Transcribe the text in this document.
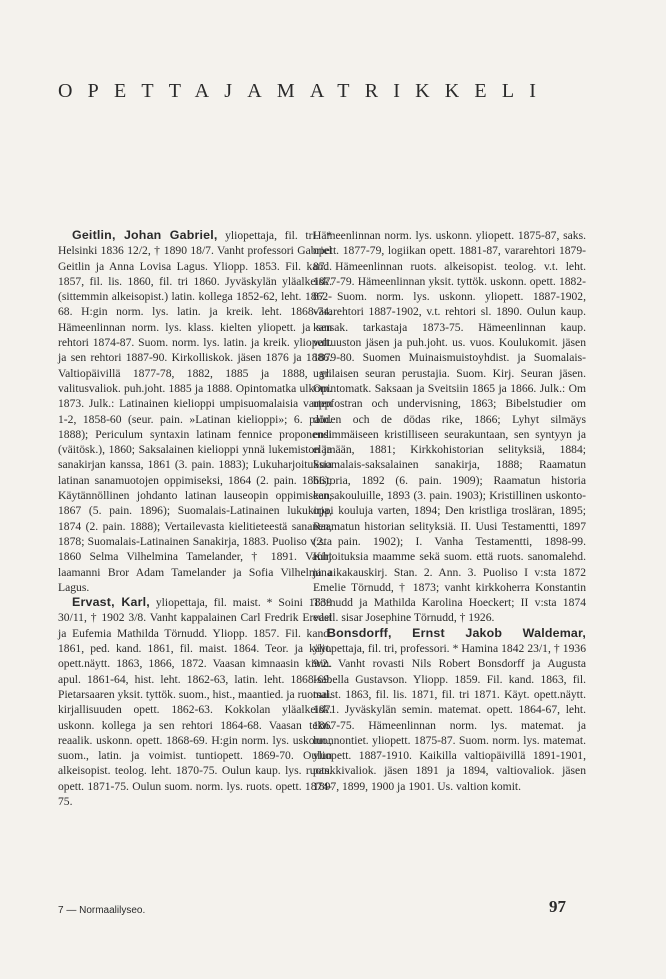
OPETTAJAMATRIKKELI

Geitlin, Johan Gabriel, yliopettaja, fil. tri. * Helsinki 1836 12/2, † 1890 18/7. Vanht professori Gabriel Geitlin ja Anna Lovisa Lagus. Yliopp. 1853. Fil. kand. 1857, fil. lis. 1860, fil. tri 1860. Jyväskylän yläalkeisk. (sittemmin alkeisopist.) latin. kollega 1852-62, leht. 1862-68. H:gin norm. lys. latin. ja kreik. leht. 1868-74. Hämeenlinnan norm. lys. klass. kielten yliopett. ja sen rehtori 1874-87. Suom. norm. lys. latin. ja kreik. yliopett. ja sen rehtori 1887-90. Kirkolliskok. jäsen 1876 ja 1886. Valtiopäivillä 1877-78, 1882, 1885 ja 1888, yl. valitusvaliok. puh.joht. 1885 ja 1888. Opintomatka ulkom. 1873. Julk.: Latinainen kielioppi umpisuomalaisia varten 1-2, 1858-60 (seur. pain. »Latinan kielioppi»; 6. pain. 1888); Periculum syntaxin latinam fennice proponendi (väitösk.), 1860; Saksalainen kielioppi ynnä lukemiston ja sanakirjan kanssa, 1861 (3. pain. 1883); Lukuharjoituksia latinan sanamuotojen oppimiseksi, 1864 (2. pain. 1866); Käytännöllinen johdanto latinan lauseopin oppimiseen, 1867 (5. pain. 1896); Suomalais-Latinainen lukukirja, 1874 (2. pain. 1888); Vertailevasta kielitieteestä sananen, 1878; Suomalais-Latinainen Sanakirja, 1883. Puoliso v:sta 1860 Selma Vilhelmina Tamelander, † 1891. Vanht laamanni Bror Adam Tamelander ja Sofia Vilhelmina Lagus.

Ervast, Karl, yliopettaja, fil. maist. * Soini 1839 30/11, † 1902 3/8. Vanht kappalainen Carl Fredrik Ervast ja Eufemia Mathilda Törnudd. Yliopp. 1857. Fil. kand. 1861, ped. kand. 1861, fil. maist. 1864. Teor. ja käyt. opett.näytt. 1863, 1866, 1872. Vaasan kimnaasin kimn. apul. 1861-64, hist. leht. 1862-63, latin. leht. 1868-69. Pietarsaaren yksit. tyttök. suom., hist., maantied. ja ruotsal. kirjallisuuden opett. 1862-63. Kokkolan yläalkeisk. uskonn. kollega ja sen rehtori 1864-68. Vaasan tekn. reaalik. uskonn. opett. 1868-69. H:gin norm. lys. uskonn., suom., latin. ja voimist. tuntiopett. 1869-70. Oulun alkeisopist. teolog. leht. 1870-75. Oulun kaup. lys. ruots. opett. 1871-75. Oulun suom. norm. lys. ruots. opett. 1874-75.

Hämeenlinnan norm. lys. uskonn. yliopett. 1875-87, saks. opett. 1877-79, logiikan opett. 1881-87, vararehtori 1879-87. Hämeenlinnan ruots. alkeisopist. teolog. v.t. leht. 1877-79. Hämeenlinnan yksit. tyttök. uskonn. opett. 1882-87. Suom. norm. lys. uskonn. yliopett. 1887-1902, vararehtori 1887-1902, v.t. rehtori sl. 1890. Oulun kaup. kansak. tarkastaja 1873-75. Hämeenlinnan kaup. valtuuston jäsen ja puh.joht. us. vuos. Koulukomit. jäsen 1879-80. Suomen Muinaismuistoyhdist. ja Suomalais-ugrilaisen seuran perustajia. Suom. Kirj. Seuran jäsen. Opintomatk. Saksaan ja Sveitsiin 1865 ja 1866. Julk.: Om uppfostran och undervisning, 1863; Bibelstudier om döden och de dödas rike, 1866; Lyhyt silmäys ensimmäiseen kristilliseen seurakuntaan, sen syntyyn ja elämään, 1881; Kirkkohistorian selityksiä, 1884; Suomalais-saksalainen sanakirja, 1888; Raamatun historia, 1892 (6. pain. 1909); Raamatun historia kansakouluille, 1893 (3. pain. 1903); Kristillinen uskonto-oppi kouluja varten, 1894; Den kristliga trosläran, 1895; Raamatun historian selityksiä. II. Uusi Testamentti, 1897 (2. pain. 1902); I. Vanha Testamentti, 1898-99. Kirjoituksia maamme sekä suom. että ruots. sanomalehd. ja aikakauskirj. Stan. 2. Ann. 3. Puoliso I v:sta 1872 Emelie Törnudd, † 1873; vanht kirkkoherra Konstantin Törnudd ja Mathilda Karolina Hoeckert; II v:sta 1874 edell. sisar Josephine Törnudd, † 1926.

Bonsdorff, Ernst Jakob Waldemar, yliopettaja, fil. tri, professori. * Hamina 1842 23/1, † 1936 9/2. Vanht rovasti Nils Robert Bonsdorff ja Augusta Isabella Gustavson. Yliopp. 1859. Fil. kand. 1863, fil. maist. 1863, fil. lis. 1871, fil. tri 1871. Käyt. opett.näytt. 1871. Jyväskylän semin. matemat. opett. 1864-67, leht. 1867-75. Hämeenlinnan norm. lys. matemat. ja luonnontiet. yliopett. 1875-87. Suom. norm. lys. matemat. yliopett. 1887-1910. Kaikilla valtiopäivillä 1891-1901, pankkivaliok. jäsen 1891 ja 1894, valtiovaliok. jäsen 1897, 1899, 1900 ja 1901. Us. valtion komit.

7 — Normaalilyseo.	97
